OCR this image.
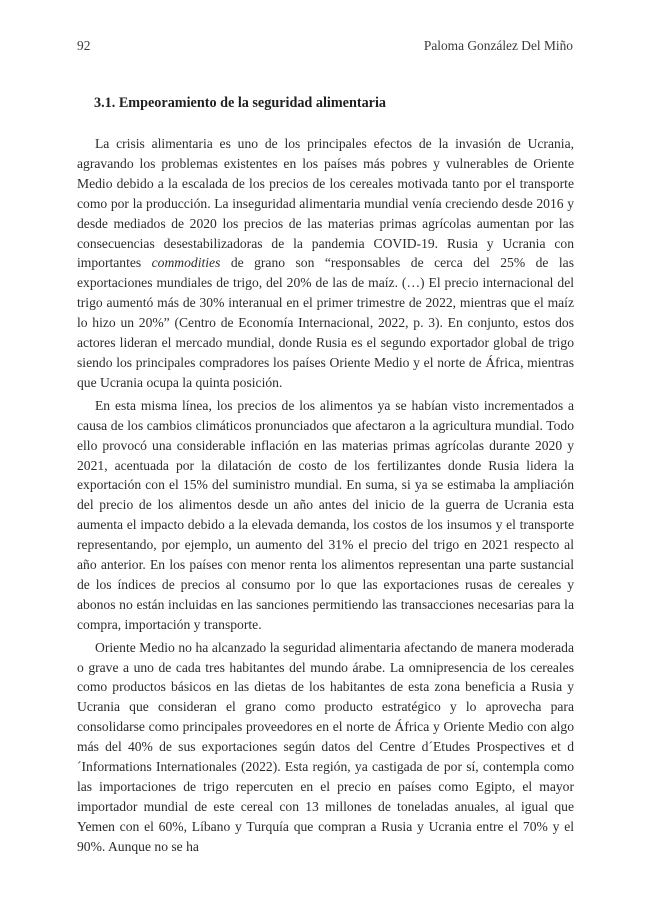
92	Paloma González Del Miño
3.1. Empeoramiento de la seguridad alimentaria

La crisis alimentaria es uno de los principales efectos de la invasión de Ucrania, agravando los problemas existentes en los países más pobres y vulnerables de Oriente Medio debido a la escalada de los precios de los cereales motivada tanto por el transporte como por la producción. La inseguridad alimentaria mundial venía creciendo desde 2016 y desde mediados de 2020 los precios de las materias primas agrícolas aumentan por las consecuencias desestabilizadoras de la pandemia COVID-19. Rusia y Ucrania con importantes commodities de grano son “responsables de cerca del 25% de las exportaciones mundiales de trigo, del 20% de las de maíz. (…) El precio internacional del trigo aumentó más de 30% interanual en el primer trimestre de 2022, mientras que el maíz lo hizo un 20%” (Centro de Economía Internacional, 2022, p. 3). En conjunto, estos dos actores lideran el mercado mundial, donde Rusia es el segundo exportador global de trigo siendo los principales compradores los países Oriente Medio y el norte de África, mientras que Ucrania ocupa la quinta posición.

En esta misma línea, los precios de los alimentos ya se habían visto incrementados a causa de los cambios climáticos pronunciados que afectaron a la agricultura mundial. Todo ello provocó una considerable inflación en las materias primas agrícolas durante 2020 y 2021, acentuada por la dilatación de costo de los fertilizantes donde Rusia lidera la exportación con el 15% del suministro mundial. En suma, si ya se estimaba la ampliación del precio de los alimentos desde un año antes del inicio de la guerra de Ucrania esta aumenta el impacto debido a la elevada demanda, los costos de los insumos y el transporte representando, por ejemplo, un aumento del 31% el precio del trigo en 2021 respecto al año anterior. En los países con menor renta los alimentos representan una parte sustancial de los índices de precios al consumo por lo que las exportaciones rusas de cereales y abonos no están incluidas en las sanciones permitiendo las transacciones necesarias para la compra, importación y transporte.

Oriente Medio no ha alcanzado la seguridad alimentaria afectando de manera moderada o grave a uno de cada tres habitantes del mundo árabe. La omnipresencia de los cereales como productos básicos en las dietas de los habitantes de esta zona beneficia a Rusia y Ucrania que consideran el grano como producto estratégico y lo aprovecha para consolidarse como principales proveedores en el norte de África y Oriente Medio con algo más del 40% de sus exportaciones según datos del Centre d´Etudes Prospectives et d´Informations Internationales (2022). Esta región, ya castigada de por sí, contempla como las importaciones de trigo repercuten en el precio en países como Egipto, el mayor importador mundial de este cereal con 13 millones de toneladas anuales, al igual que Yemen con el 60%, Líbano y Turquía que compran a Rusia y Ucrania entre el 70% y el 90%. Aunque no se ha
